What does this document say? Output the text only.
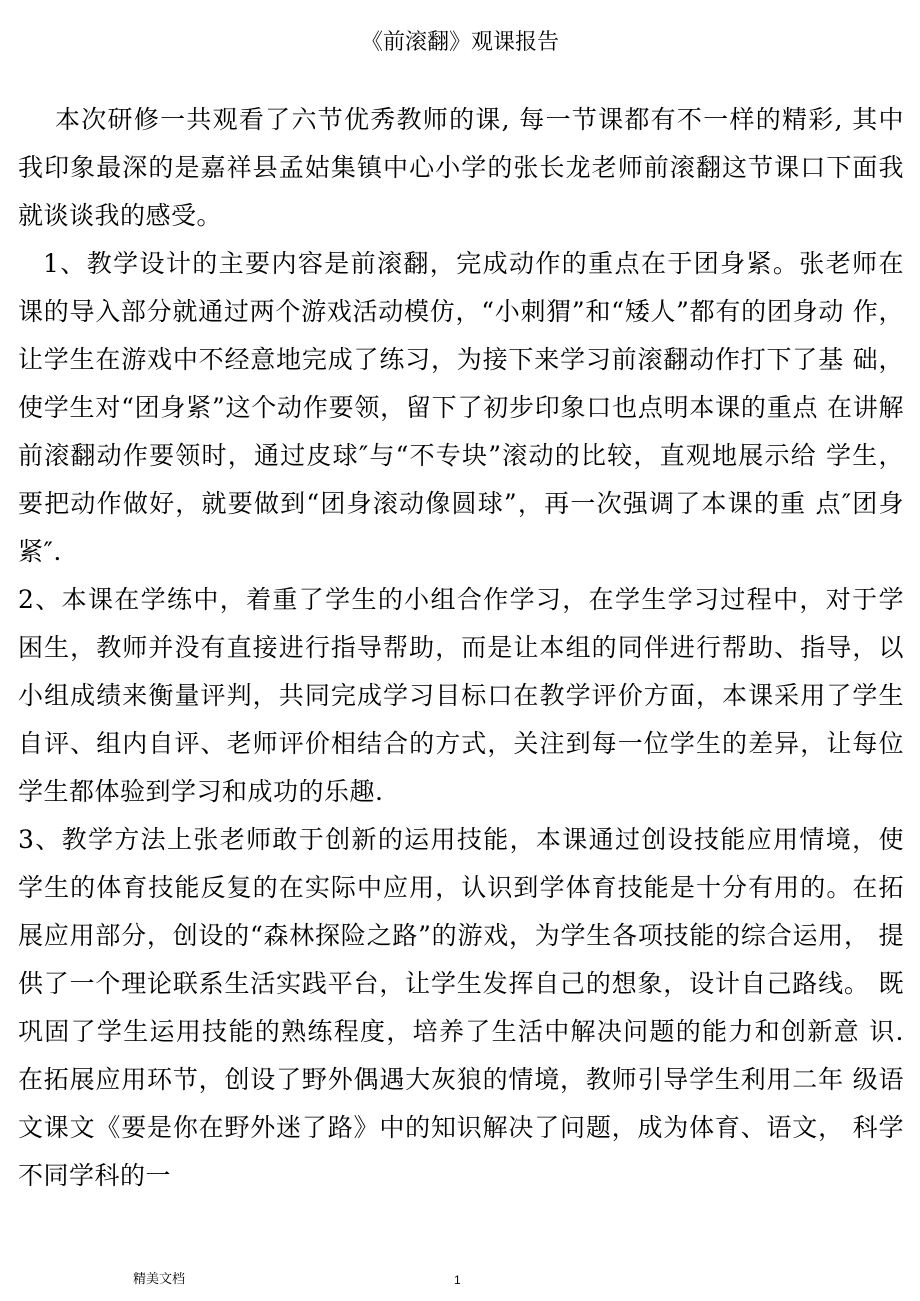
《前滚翻》观课报告

本次研修一共观看了六节优秀教师的课, 每一节课都有不一样的精彩, 其中 我印象最深的是嘉祥县孟姑集镇中心小学的张长龙老师前滚翻这节课口下面我 就谈谈我的感受。

1、教学设计的主要内容是前滚翻，完成动作的重点在于团身紧。张老师在 课的导入部分就通过两个游戏活动模仿，“小刺猬”和“矮人”都有的团身动 作，让学生在游戏中不经意地完成了练习，为接下来学习前滚翻动作打下了基 础，使学生对“团身紧”这个动作要领，留下了初步印象口也点明本课的重点 在讲解前滚翻动作要领时，通过皮球″与“不专块”滚动的比较，直观地展示给 学生，要把动作做好，就要做到“团身滚动像圆球”，再一次强调了本课的重 点″团身紧″.

2、本课在学练中，着重了学生的小组合作学习，在学生学习过程中，对于学 困生，教师并没有直接进行指导帮助，而是让本组的同伴进行帮助、指导，以 小组成绩来衡量评判，共同完成学习目标口在教学评价方面，本课采用了学生 自评、组内自评、老师评价相结合的方式，关注到每一位学生的差异，让每位 学生都体验到学习和成功的乐趣.

3、教学方法上张老师敢于创新的运用技能，本课通过创设技能应用情境，使 学生的体育技能反复的在实际中应用，认识到学体育技能是十分有用的。在拓 展应用部分，创设的“森林探险之路”的游戏，为学生各项技能的综合运用， 提供了一个理论联系生活实践平台，让学生发挥自己的想象，设计自己路线。 既巩固了学生运用技能的熟练程度，培养了生活中解决问题的能力和创新意 识. 在拓展应用环节，创设了野外偶遇大灰狼的情境，教师引导学生利用二年 级语文课文《要是你在野外迷了路》中的知识解决了问题，成为体育、语文， 科学不同学科的一

精美文档	1
